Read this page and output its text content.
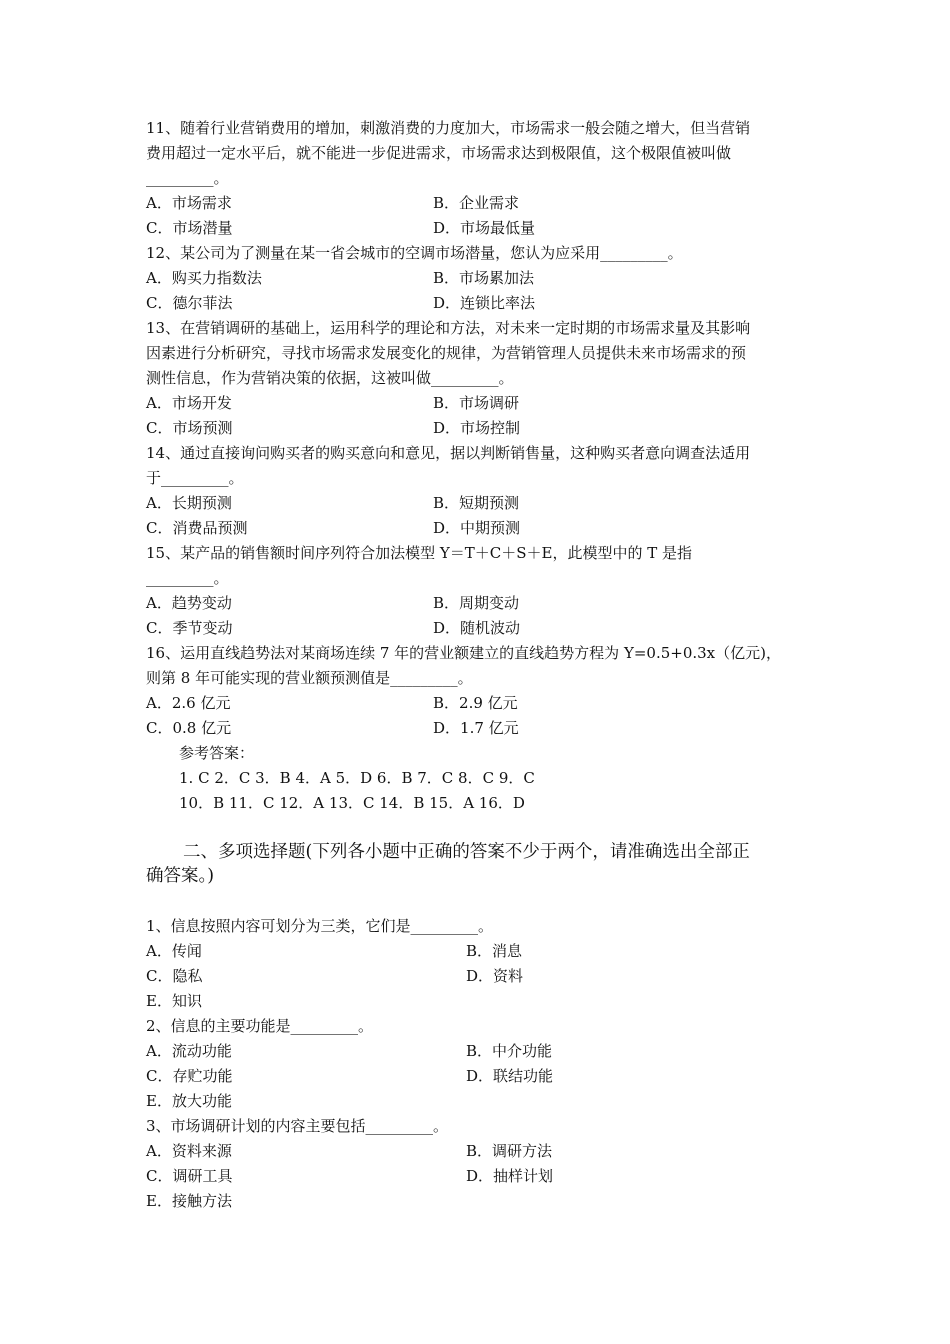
11、随着行业营销费用的增加，刺激消费的力度加大，市场需求一般会随之增大，但当营销
费用超过一定水平后，就不能进一步促进需求，市场需求达到极限值，这个极限值被叫做
_________。
A．市场需求	B．企业需求
C．市场潜量	D．市场最低量
12、某公司为了测量在某一省会城市的空调市场潜量，您认为应采用_________。
A．购买力指数法	B．市场累加法
C．德尔菲法	D．连锁比率法
13、在营销调研的基础上，运用科学的理论和方法，对未来一定时期的市场需求量及其影响
因素进行分析研究，寻找市场需求发展变化的规律，为营销管理人员提供未来市场需求的预
测性信息，作为营销决策的依据，这被叫做_________。
A．市场开发	B．市场调研
C．市场预测	D．市场控制
14、通过直接询问购买者的购买意向和意见，据以判断销售量，这种购买者意向调查法适用
于_________。
A．长期预测	B．短期预测
C．消费品预测	D．中期预测
15、某产品的销售额时间序列符合加法模型 Y＝T＋C＋S＋E，此模型中的 T 是指
_________。
A．趋势变动	B．周期变动
C．季节变动	D．随机波动
16、运用直线趋势法对某商场连续 7 年的营业额建立的直线趋势方程为 Y=0.5+0.3x（亿元)，
则第 8 年可能实现的营业额预测值是_________。
A．2.6 亿元	B．2.9 亿元
C．0.8 亿元	D．1.7 亿元
参考答案：
1. C 2．C 3．B 4．A 5．D 6．B 7．C 8．C 9．C
10．B 11．C 12．A 13．C 14．B 15．A 16．D
二、多项选择题(下列各小题中正确的答案不少于两个，请准确选出全部正
确答案。)
1、信息按照内容可划分为三类，它们是_________。
A．传闻	B．消息
C．隐私	D．资料
E．知识
2、信息的主要功能是_________。
A．流动功能	B．中介功能
C．存贮功能	D．联结功能
E．放大功能
3、市场调研计划的内容主要包括_________。
A．资料来源	B．调研方法
C．调研工具	D．抽样计划
E．接触方法
